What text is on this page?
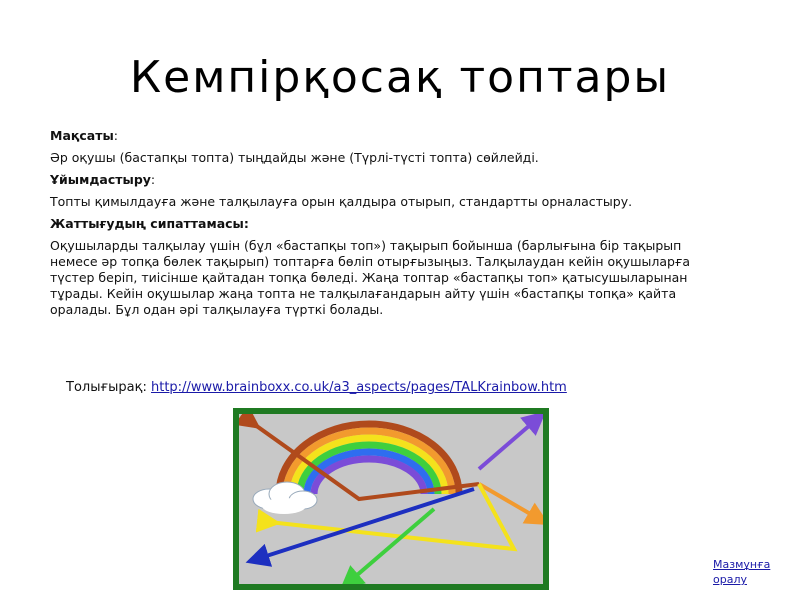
Кемпірқосақ топтары

Мақсаты:

Әр оқушы (бастапқы топта) тыңдайды және (Түрлі-түсті топта) сөйлейді.

Ұйымдастыру:

Топты қимылдауға және талқылауға орын қалдыра отырып, стандартты орналастыру.

Жаттығудың сипаттамасы:

Оқушыларды талқылау үшін (бұл «бастапқы топ») тақырып бойынша (барлығына бір тақырып немесе әр топқа бөлек тақырып) топтарға бөліп отырғызыңыз. Талқылаудан кейін оқушыларға түстер беріп, тиісінше қайтадан топқа бөледі. Жаңа топтар «бастапқы топ» қатысушыларынан тұрады. Кейін оқушылар жаңа топта не талқылағандарын айту үшін «бастапқы топқа» қайта оралады. Бұл одан әрі талқылауға түрткі болады.

Толығырақ: http://www.brainboxx.co.uk/a3_aspects/pages/TALKrainbow.htm
Мазмұнға оралу
